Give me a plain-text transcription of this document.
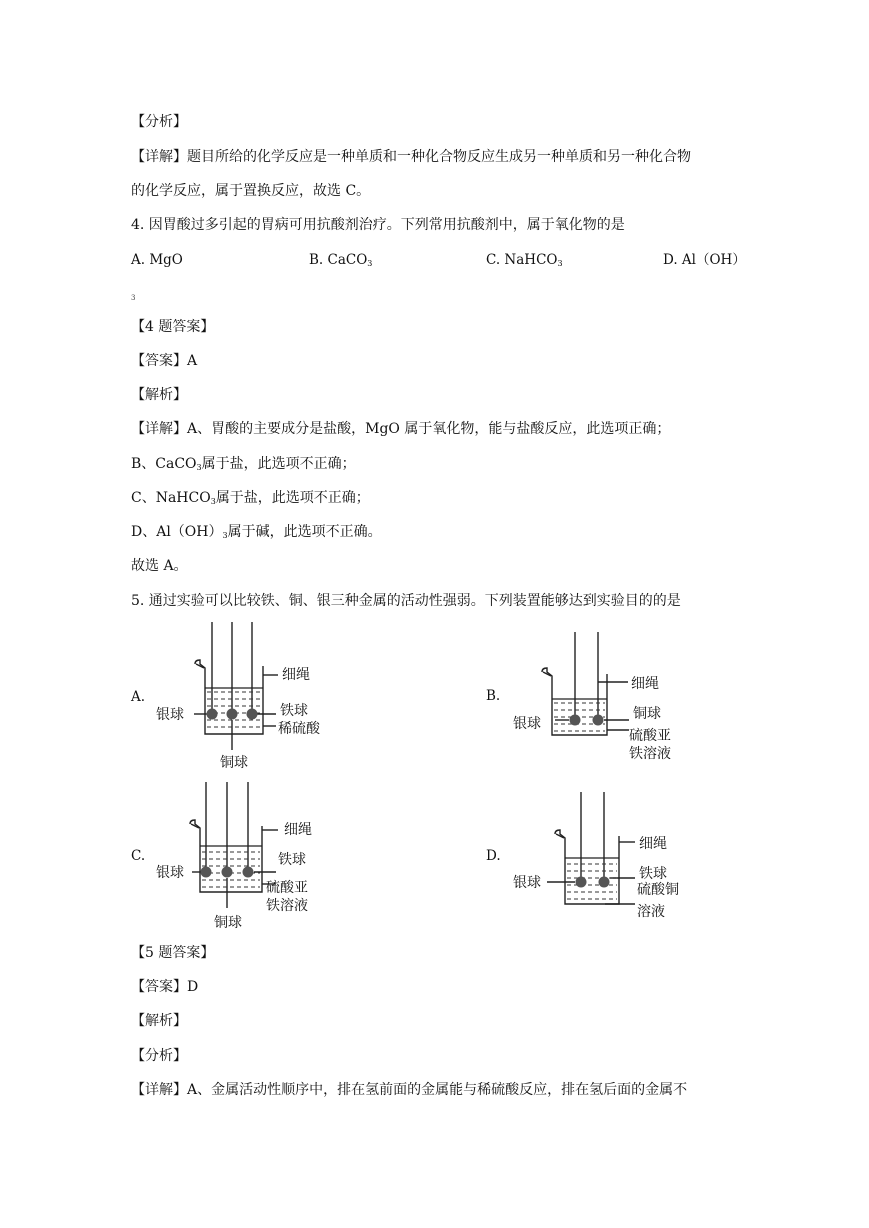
【分析】
【详解】题目所给的化学反应是一种单质和一种化合物反应生成另一种单质和另一种化合物
的化学反应，属于置换反应，故选 C。
4. 因胃酸过多引起的胃病可用抗酸剂治疗。下列常用抗酸剂中，属于氧化物的是
A. MgO	B. CaCO$_3$	C. NaHCO$_3$	D. Al（OH）
3
【4 题答案】
【答案】A
【解析】
【详解】A、胃酸的主要成分是盐酸，MgO 属于氧化物，能与盐酸反应，此选项正确；
B、CaCO$_3$属于盐，此选项不正确；
C、NaHCO$_3$属于盐，此选项不正确；
D、$Al(OH)_3$属于碱，此选项不正确。
故选 A。
5. 通过实验可以比较铁、铜、银三种金属的活动性强弱。下列装置能够达到实验目的的是
A.
细绳
银球	铁球
稀硫酸
铜球
B.
细绳
银球
铜球
硫酸亚
铁溶液
C.
细绳
银球
铁球
硫酸亚
铁溶液
铜球
D.
细绳
银球
铁球
硫酸铜
溶液
【5 题答案】
【答案】D
【解析】
【分析】
【详解】A、金属活动性顺序中，排在氢前面的金属能与稀硫酸反应，排在氢后面的金属不
